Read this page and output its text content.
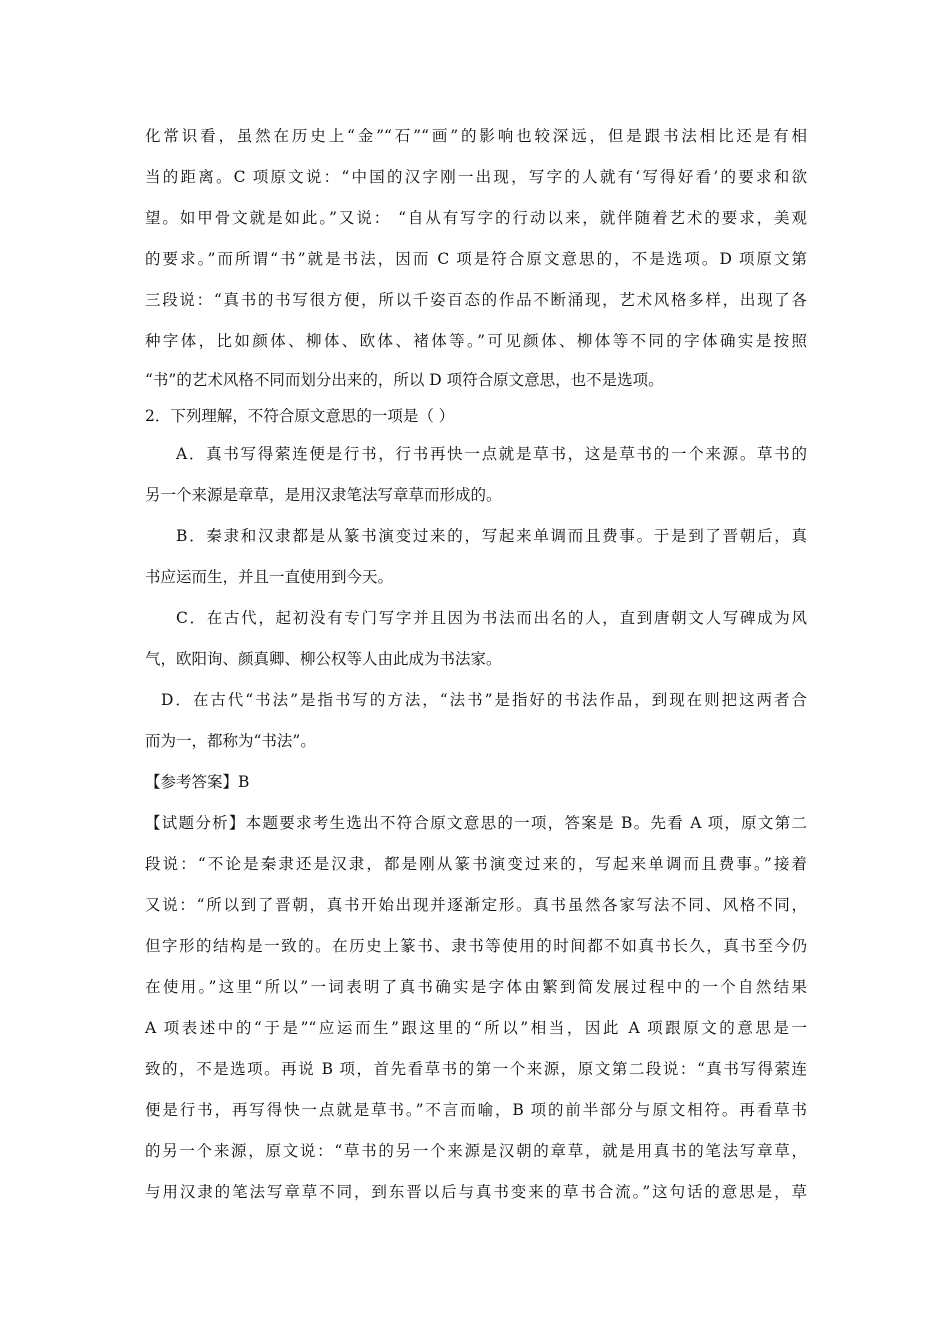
化常识看，虽然在历史上“金”“石”“画”的影响也较深远，但是跟书法相比还是有相
当的距离。C 项原文说：“中国的汉字刚一出现，写字的人就有‘写得好看’的要求和欲
望。如甲骨文就是如此。”又说： “自从有写字的行动以来，就伴随着艺术的要求，美观
的要求。”而所谓“书”就是书法，因而 C 项是符合原文意思的，不是选项。D 项原文第
三段说：“真书的书写很方便，所以千姿百态的作品不断涌现，艺术风格多样，出现了各
种字体，比如颜体、柳体、欧体、褚体等。”可见颜体、柳体等不同的字体确实是按照
“书”的艺术风格不同而划分出来的，所以 D 项符合原文意思，也不是选项。
2．下列理解，不符合原文意思的一项是（ ）
A．真书写得萦连便是行书，行书再快一点就是草书，这是草书的一个来源。草书的
另一个来源是章草，是用汉隶笔法写章草而形成的。
B．秦隶和汉隶都是从篆书演变过来的，写起来单调而且费事。于是到了晋朝后，真
书应运而生，并且一直使用到今天。
C．在古代，起初没有专门写字并且因为书法而出名的人，直到唐朝文人写碑成为风
气，欧阳询、颜真卿、柳公权等人由此成为书法家。
D．在古代“书法”是指书写的方法，“法书”是指好的书法作品，到现在则把这两者合
而为一，都称为“书法”。
【参考答案】B
【试题分析】本题要求考生选出不符合原文意思的一项，答案是 B。先看 A 项，原文第二
段说：“不论是秦隶还是汉隶，都是刚从篆书演变过来的，写起来单调而且费事。”接着
又说：“所以到了晋朝，真书开始出现并逐渐定形。真书虽然各家写法不同、风格不同，
但字形的结构是一致的。在历史上篆书、隶书等使用的时间都不如真书长久，真书至今仍
在使用。”这里“所以”一词表明了真书确实是字体由繁到简发展过程中的一个自然结果
A 项表述中的“于是”“应运而生”跟这里的“所以”相当，因此 A 项跟原文的意思是一
致的，不是选项。再说 B 项，首先看草书的第一个来源，原文第二段说：“真书写得萦连
便是行书，再写得快一点就是草书。”不言而喻，B 项的前半部分与原文相符。再看草书
的另一个来源，原文说：“草书的另一个来源是汉朝的章草，就是用真书的笔法写章草，
与用汉隶的笔法写章草不同，到东晋以后与真书变来的草书合流。”这句话的意思是，草
